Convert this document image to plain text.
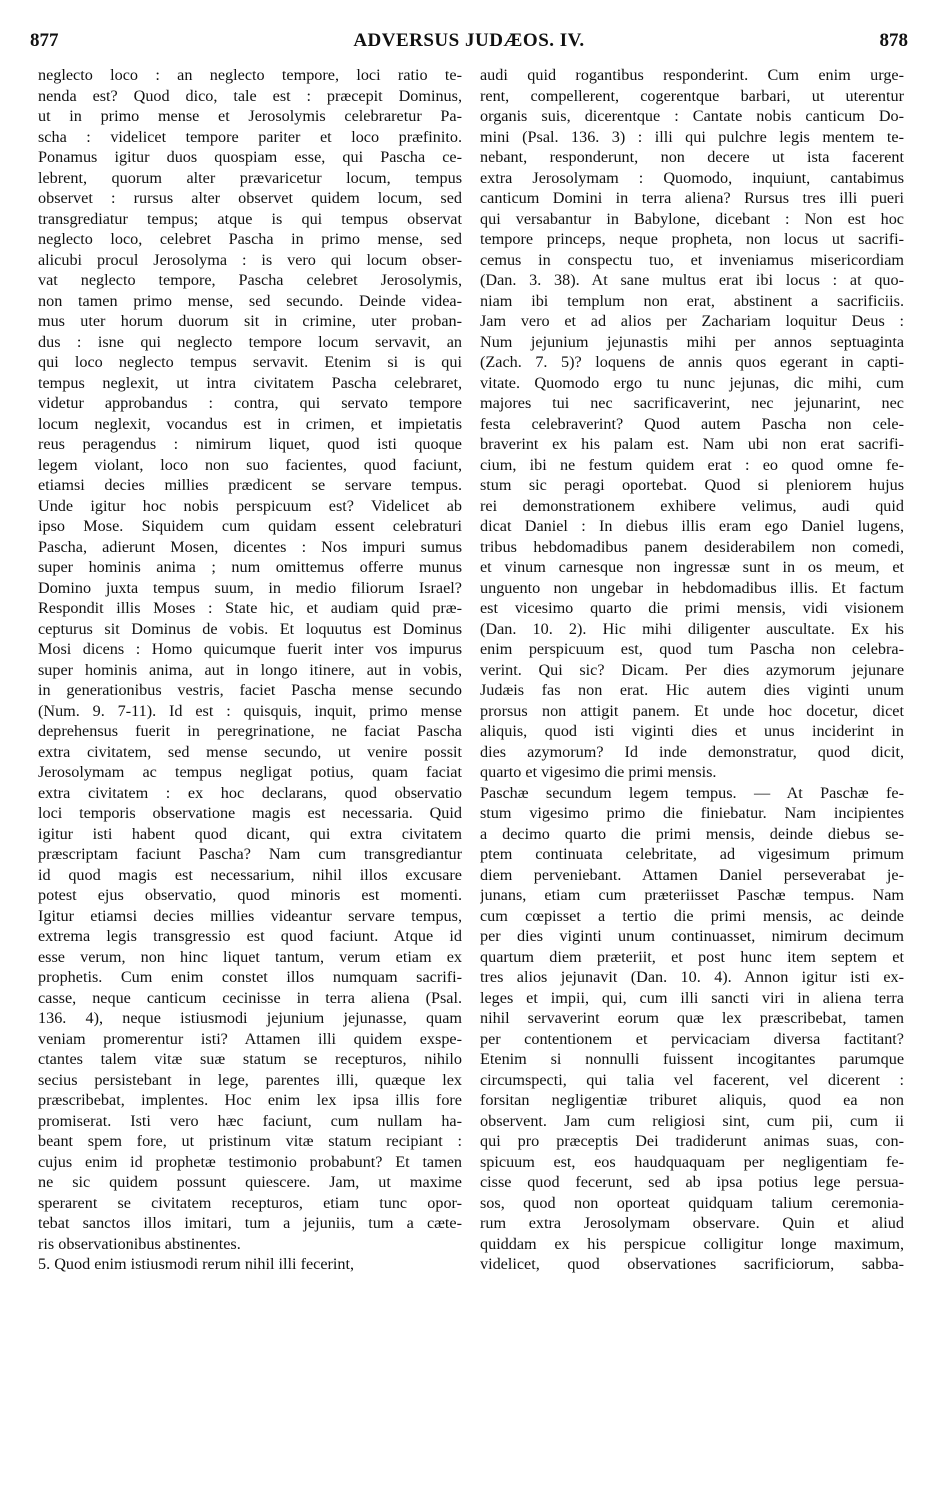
877	ADVERSUS JUDÆOS. IV.	878
neglecto loco : an neglecto tempore, loci ratio te-
nenda est? Quod dico, tale est : præcepit Dominus,
ut in primo mense et Jerosolymis celebraretur Pa-
scha : videlicet tempore pariter et loco præfinito.
Ponamus igitur duos quospiam esse, qui Pascha ce-
lebrent, quorum alter prævaricetur locum, tempus
observet : rursus alter observet quidem locum, sed
transgrediatur tempus; atque is qui tempus observat
neglecto loco, celebret Pascha in primo mense, sed
alicubi procul Jerosolyma : is vero qui locum obser-
vat neglecto tempore, Pascha celebret Jerosolymis,
non tamen primo mense, sed secundo. Deinde videa-
mus uter horum duorum sit in crimine, uter proban-
dus : isne qui neglecto tempore locum servavit, an
qui loco neglecto tempus servavit. Etenim si is qui
tempus neglexit, ut intra civitatem Pascha celebraret,
videtur approbandus : contra, qui servato tempore
locum neglexit, vocandus est in crimen, et impietatis
reus peragendus : nimirum liquet, quod isti quoque
legem violant, loco non suo facientes, quod faciunt,
etiamsi decies millies prædicent se servare tempus.
Unde igitur hoc nobis perspicuum est? Videlicet ab
ipso Mose. Siquidem cum quidam essent celebraturi
Pascha, adierunt Mosen, dicentes : Nos impuri sumus
super hominis anima ; num omittemus offerre munus
Domino juxta tempus suum, in medio filiorum Israel?
Respondit illis Moses : State hic, et audiam quid præ-
cepturus sit Dominus de vobis. Et loquutus est Dominus
Mosi dicens : Homo quicumque fuerit inter vos impurus
super hominis anima, aut in longo itinere, aut in vobis,
in generationibus vestris, faciet Pascha mense secundo
(Num. 9. 7-11). Id est : quisquis, inquit, primo mense
deprehensus fuerit in peregrinatione, ne faciat Pascha
extra civitatem, sed mense secundo, ut venire possit
Jerosolymam ac tempus negligat potius, quam faciat
extra civitatem : ex hoc declarans, quod observatio
loci temporis observatione magis est necessaria. Quid
igitur isti habent quod dicant, qui extra civitatem
præscriptam faciunt Pascha? Nam cum transgrediantur
id quod magis est necessarium, nihil illos excusare
potest ejus observatio, quod minoris est momenti.
Igitur etiamsi decies millies videantur servare tempus,
extrema legis transgressio est quod faciunt. Atque id
esse verum, non hinc liquet tantum, verum etiam ex
prophetis. Cum enim constet illos numquam sacrifi-
casse, neque canticum cecinisse in terra aliena (Psal.
136. 4), neque istiusmodi jejunium jejunasse, quam
veniam promerentur isti? Attamen illi quidem exspe-
ctantes talem vitæ suæ statum se recepturos, nihilo
secius persistebant in lege, parentes illi, quæque lex
præscribebat, implentes. Hoc enim lex ipsa illis fore
promiserat. Isti vero hæc faciunt, cum nullam ha-
beant spem fore, ut pristinum vitæ statum recipiant :
cujus enim id prophetæ testimonio probabunt? Et tamen
ne sic quidem possunt quiescere. Jam, ut maxime
sperarent se civitatem recepturos, etiam tunc opor-
tebat sanctos illos imitari, tum a jejuniis, tum a cæte-
ris observationibus abstinentes.
5. Quod enim istiusmodi rerum nihil illi fecerint,
audi quid rogantibus responderint. Cum enim urge-
rent, compellerent, cogerentque barbari, ut uterentur
organis suis, dicerentque : Cantate nobis canticum Do-
mini (Psal. 136. 3) : illi qui pulchre legis mentem te-
nebant, responderunt, non decere ut ista facerent
extra Jerosolymam : Quomodo, inquiunt, cantabimus
canticum Domini in terra aliena? Rursus tres illi pueri
qui versabantur in Babylone, dicebant : Non est hoc
tempore princeps, neque propheta, non locus ut sacrifi-
cemus in conspectu tuo, et inveniamus misericordiam
(Dan. 3. 38). At sane multus erat ibi locus : at quo-
niam ibi templum non erat, abstinent a sacrificiis.
Jam vero et ad alios per Zachariam loquitur Deus :
Num jejunium jejunastis mihi per annos septuaginta
(Zach. 7. 5)? loquens de annis quos egerant in capti-
vitate. Quomodo ergo tu nunc jejunas, dic mihi, cum
majores tui nec sacrificaverint, nec jejunarint, nec
festa celebraverint? Quod autem Pascha non cele-
braverint ex his palam est. Nam ubi non erat sacrifi-
cium, ibi ne festum quidem erat : eo quod omne fe-
stum sic peragi oportebat. Quod si pleniorem hujus
rei demonstrationem exhibere velimus, audi quid
dicat Daniel : In diebus illis eram ego Daniel lugens,
tribus hebdomadibus panem desiderabilem non comedi,
et vinum carnesque non ingressæ sunt in os meum, et
unguento non ungebar in hebdomadibus illis. Et factum
est vicesimo quarto die primi mensis, vidi visionem
(Dan. 10. 2). Hic mihi diligenter auscultate. Ex his
enim perspicuum est, quod tum Pascha non celebra-
verint. Qui sic? Dicam. Per dies azymorum jejunare
Judæis fas non erat. Hic autem dies viginti unum
prorsus non attigit panem. Et unde hoc docetur, dicet
aliquis, quod isti viginti dies et unus inciderint in
dies azymorum? Id inde demonstratur, quod dicit,
quarto et vigesimo die primi mensis.
Paschæ secundum legem tempus. — At Paschæ fe-
stum vigesimo primo die finiebatur. Nam incipientes
a decimo quarto die primi mensis, deinde diebus se-
ptem continuata celebritate, ad vigesimum primum
diem perveniebant. Attamen Daniel perseverabat je-
junans, etiam cum præteriisset Paschæ tempus. Nam
cum cœpisset a tertio die primi mensis, ac deinde
per dies viginti unum continuasset, nimirum decimum
quartum diem præteriit, et post hunc item septem et
tres alios jejunavit (Dan. 10. 4). Annon igitur isti ex-
leges et impii, qui, cum illi sancti viri in aliena terra
nihil servaverint eorum quæ lex præscribebat, tamen
per contentionem et pervicaciam diversa factitant?
Etenim si nonnulli fuissent incogitantes parumque
circumspecti, qui talia vel facerent, vel dicerent :
forsitan negligentiæ triburet aliquis, quod ea non
observent. Jam cum religiosi sint, cum pii, cum ii
qui pro præceptis Dei tradiderunt animas suas, con-
spicuum est, eos haudquaquam per negligentiam fe-
cisse quod fecerunt, sed ab ipsa potius lege persua-
sos, quod non oporteat quidquam talium ceremonia-
rum extra Jerosolymam observare. Quin et aliud
quiddam ex his perspicue colligitur longe maximum,
videlicet, quod observationes sacrificiorum, sabba-
